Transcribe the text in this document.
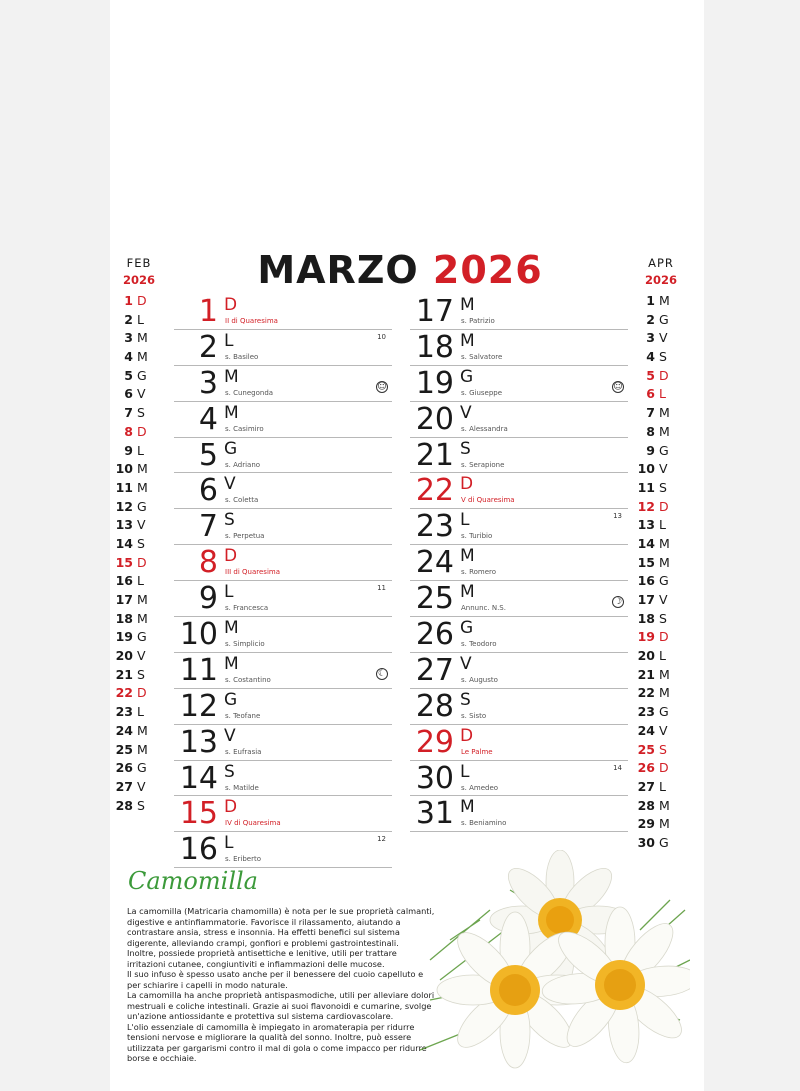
MARZO 2026
FEB
2026
1 D
2 L
3 M
4 M
5 G
6 V
7 S
8 D
9 L
10 M
11 M
12 G
13 V
14 S
15 D
16 L
17 M
18 M
19 G
20 V
21 S
22 D
23 L
24 M
25 M
26 G
27 V
28 S
APR
2026
1 M
2 G
3 V
4 S
5 D
6 L
7 M
8 M
9 G
10 V
11 S
12 D
13 L
14 M
15 M
16 G
17 V
18 S
19 D
20 L
21 M
22 M
23 G
24 V
25 S
26 D
27 L
28 M
29 M
30 G
1 D
II di Quaresima
2 L
s. Basileo
10
3 M
s. Cunegonda
☺
4 M
s. Casimiro
5 G
s. Adriano
6 V
s. Coletta
7 S
s. Perpetua
8 D
III di Quaresima
9 L
s. Francesca
11
10 M
s. Simplicio
11 M
s. Costantino
☾
12 G
s. Teofane
13 V
s. Eufrasia
14 S
s. Matilde
15 D
IV di Quaresima
16 L
s. Eriberto
12
17 M
s. Patrizio
18 M
s. Salvatore
19 G
s. Giuseppe
☺
20 V
s. Alessandra
21 S
s. Serapione
22 D
V di Quaresima
23 L
s. Turibio
13
24 M
s. Romero
25 M
Annunc. N.S.
☽
26 G
s. Teodoro
27 V
s. Augusto
28 S
s. Sisto
29 D
Le Palme
30 L
s. Amedeo
14
31 M
s. Beniamino
Camomilla

La camomilla (Matricaria chamomilla) è nota per le sue proprietà calmanti, digestive e antinfiammatorie. Favorisce il rilassamento, aiutando a contrastare ansia, stress e insonnia. Ha effetti benefici sul sistema digerente, alleviando crampi, gonfiori e problemi gastrointestinali.

Inoltre, possiede proprietà antisettiche e lenitive, utili per trattare irritazioni cutanee, congiuntiviti e infiammazioni delle mucose.

Il suo infuso è spesso usato anche per il benessere del cuoio capelluto e per schiarire i capelli in modo naturale.

La camomilla ha anche proprietà antispasmodiche, utili per alleviare dolori mestruali e coliche intestinali. Grazie ai suoi flavonoidi e cumarine, svolge un'azione antiossidante e protettiva sul sistema cardiovascolare.

L'olio essenziale di camomilla è impiegato in aromaterapia per ridurre tensioni nervose e migliorare la qualità del sonno. Inoltre, può essere utilizzata per gargarismi contro il mal di gola o come impacco per ridurre borse e occhiaie.
